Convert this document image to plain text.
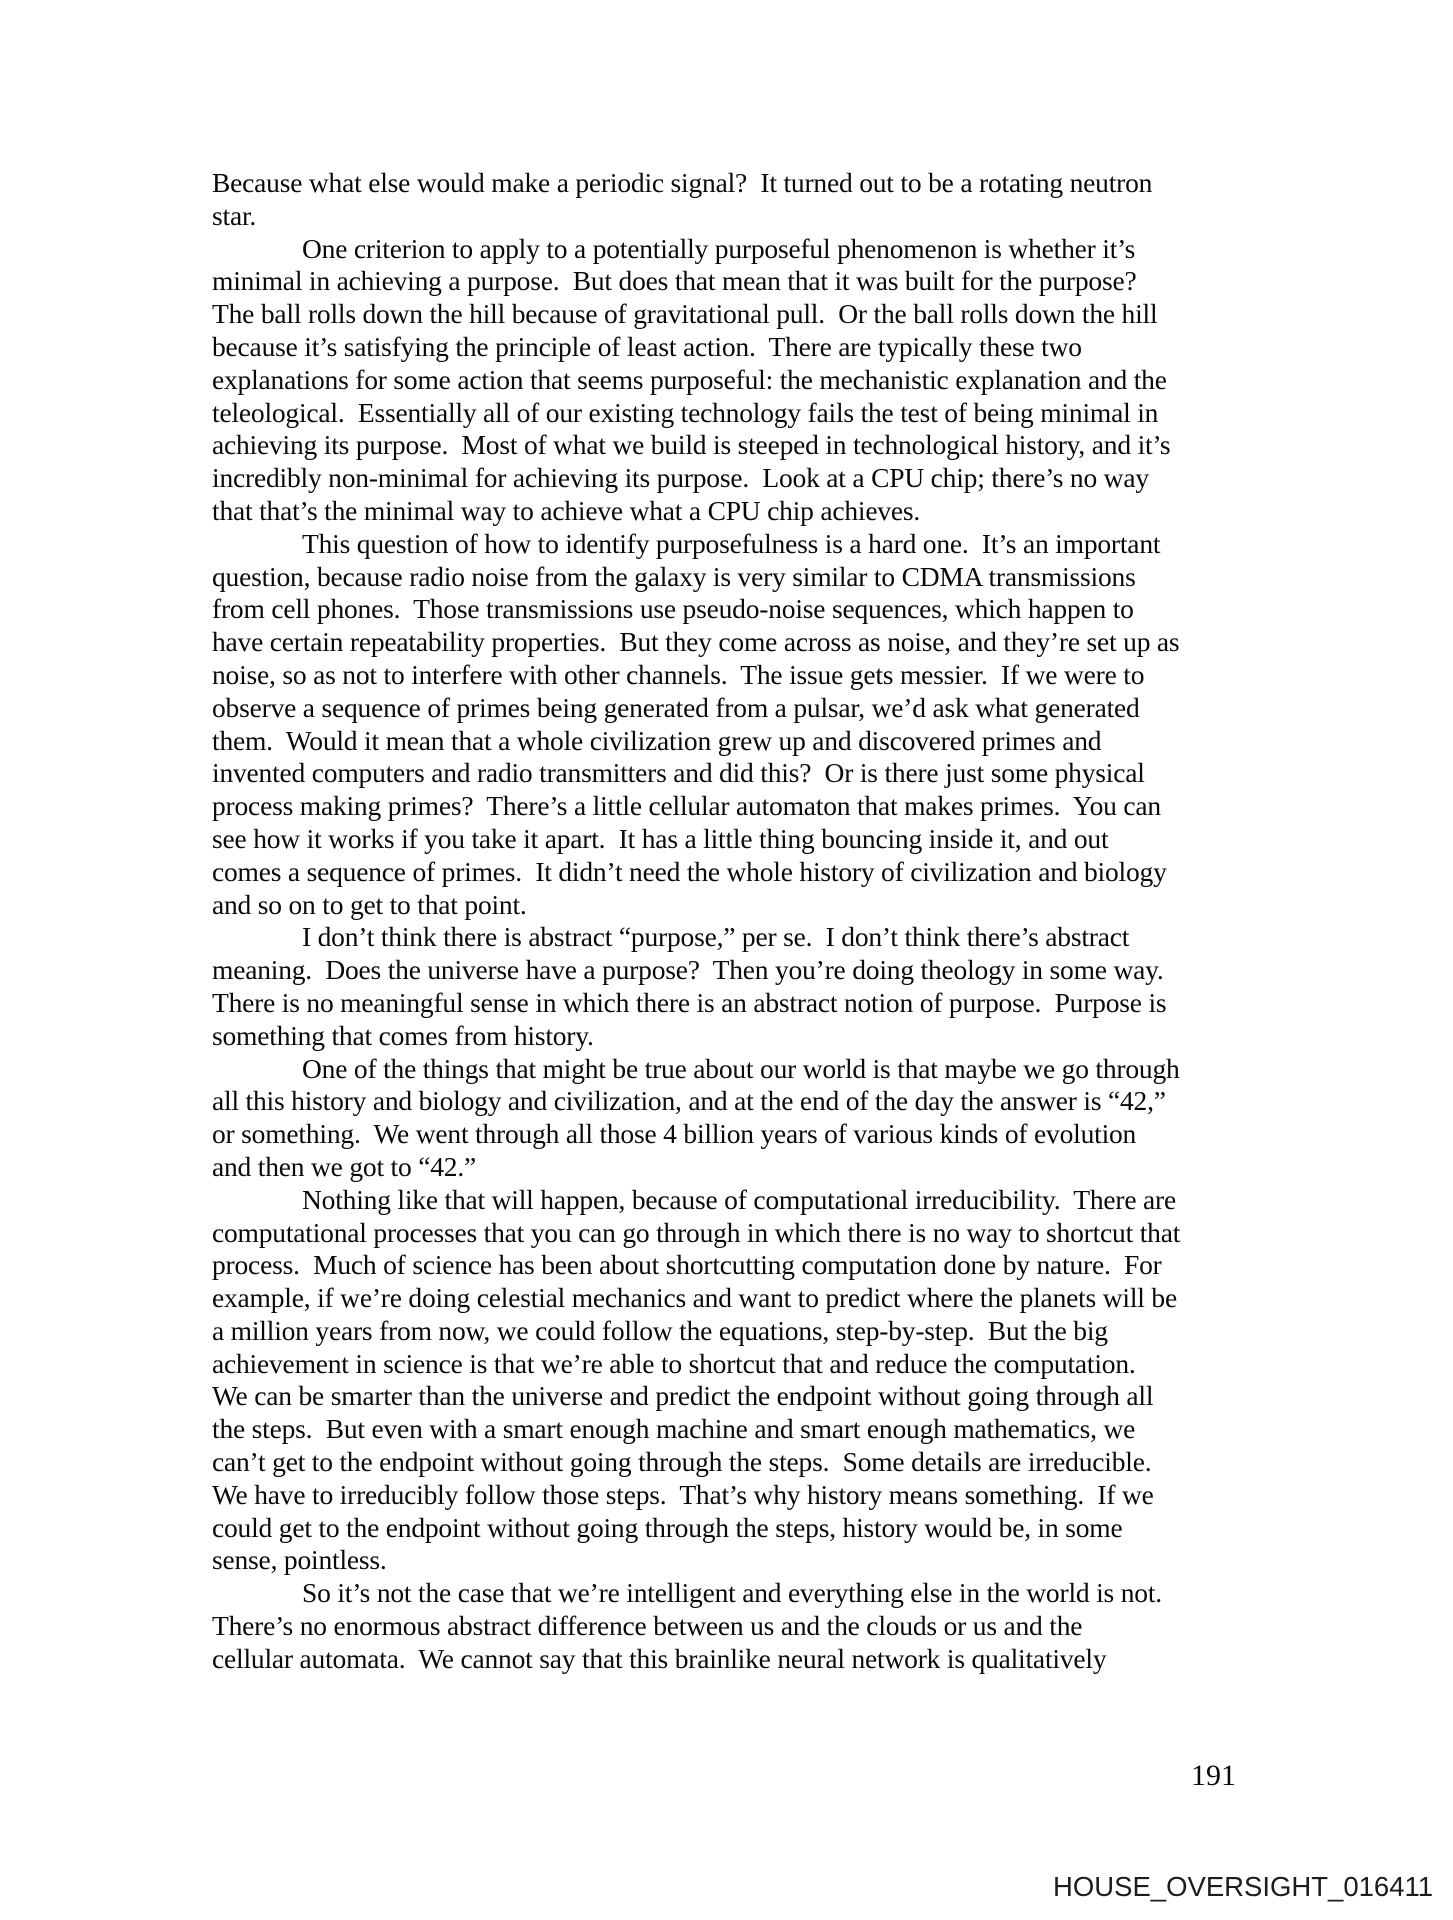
Because what else would make a periodic signal?  It turned out to be a rotating neutron
star.
One criterion to apply to a potentially purposeful phenomenon is whether it’s
minimal in achieving a purpose.  But does that mean that it was built for the purpose?
The ball rolls down the hill because of gravitational pull.  Or the ball rolls down the hill
because it’s satisfying the principle of least action.  There are typically these two
explanations for some action that seems purposeful: the mechanistic explanation and the
teleological.  Essentially all of our existing technology fails the test of being minimal in
achieving its purpose.  Most of what we build is steeped in technological history, and it’s
incredibly non-minimal for achieving its purpose.  Look at a CPU chip; there’s no way
that that’s the minimal way to achieve what a CPU chip achieves.
This question of how to identify purposefulness is a hard one.  It’s an important
question, because radio noise from the galaxy is very similar to CDMA transmissions
from cell phones.  Those transmissions use pseudo-noise sequences, which happen to
have certain repeatability properties.  But they come across as noise, and they’re set up as
noise, so as not to interfere with other channels.  The issue gets messier.  If we were to
observe a sequence of primes being generated from a pulsar, we’d ask what generated
them.  Would it mean that a whole civilization grew up and discovered primes and
invented computers and radio transmitters and did this?  Or is there just some physical
process making primes?  There’s a little cellular automaton that makes primes.  You can
see how it works if you take it apart.  It has a little thing bouncing inside it, and out
comes a sequence of primes.  It didn’t need the whole history of civilization and biology
and so on to get to that point.
I don’t think there is abstract “purpose,” per se.  I don’t think there’s abstract
meaning.  Does the universe have a purpose?  Then you’re doing theology in some way.
There is no meaningful sense in which there is an abstract notion of purpose.  Purpose is
something that comes from history.
One of the things that might be true about our world is that maybe we go through
all this history and biology and civilization, and at the end of the day the answer is “42,”
or something.  We went through all those 4 billion years of various kinds of evolution
and then we got to “42.”
Nothing like that will happen, because of computational irreducibility.  There are
computational processes that you can go through in which there is no way to shortcut that
process.  Much of science has been about shortcutting computation done by nature.  For
example, if we’re doing celestial mechanics and want to predict where the planets will be
a million years from now, we could follow the equations, step-by-step.  But the big
achievement in science is that we’re able to shortcut that and reduce the computation.
We can be smarter than the universe and predict the endpoint without going through all
the steps.  But even with a smart enough machine and smart enough mathematics, we
can’t get to the endpoint without going through the steps.  Some details are irreducible.
We have to irreducibly follow those steps.  That’s why history means something.  If we
could get to the endpoint without going through the steps, history would be, in some
sense, pointless.
So it’s not the case that we’re intelligent and everything else in the world is not.
There’s no enormous abstract difference between us and the clouds or us and the
cellular automata.  We cannot say that this brainlike neural network is qualitatively
191
HOUSE_OVERSIGHT_016411
